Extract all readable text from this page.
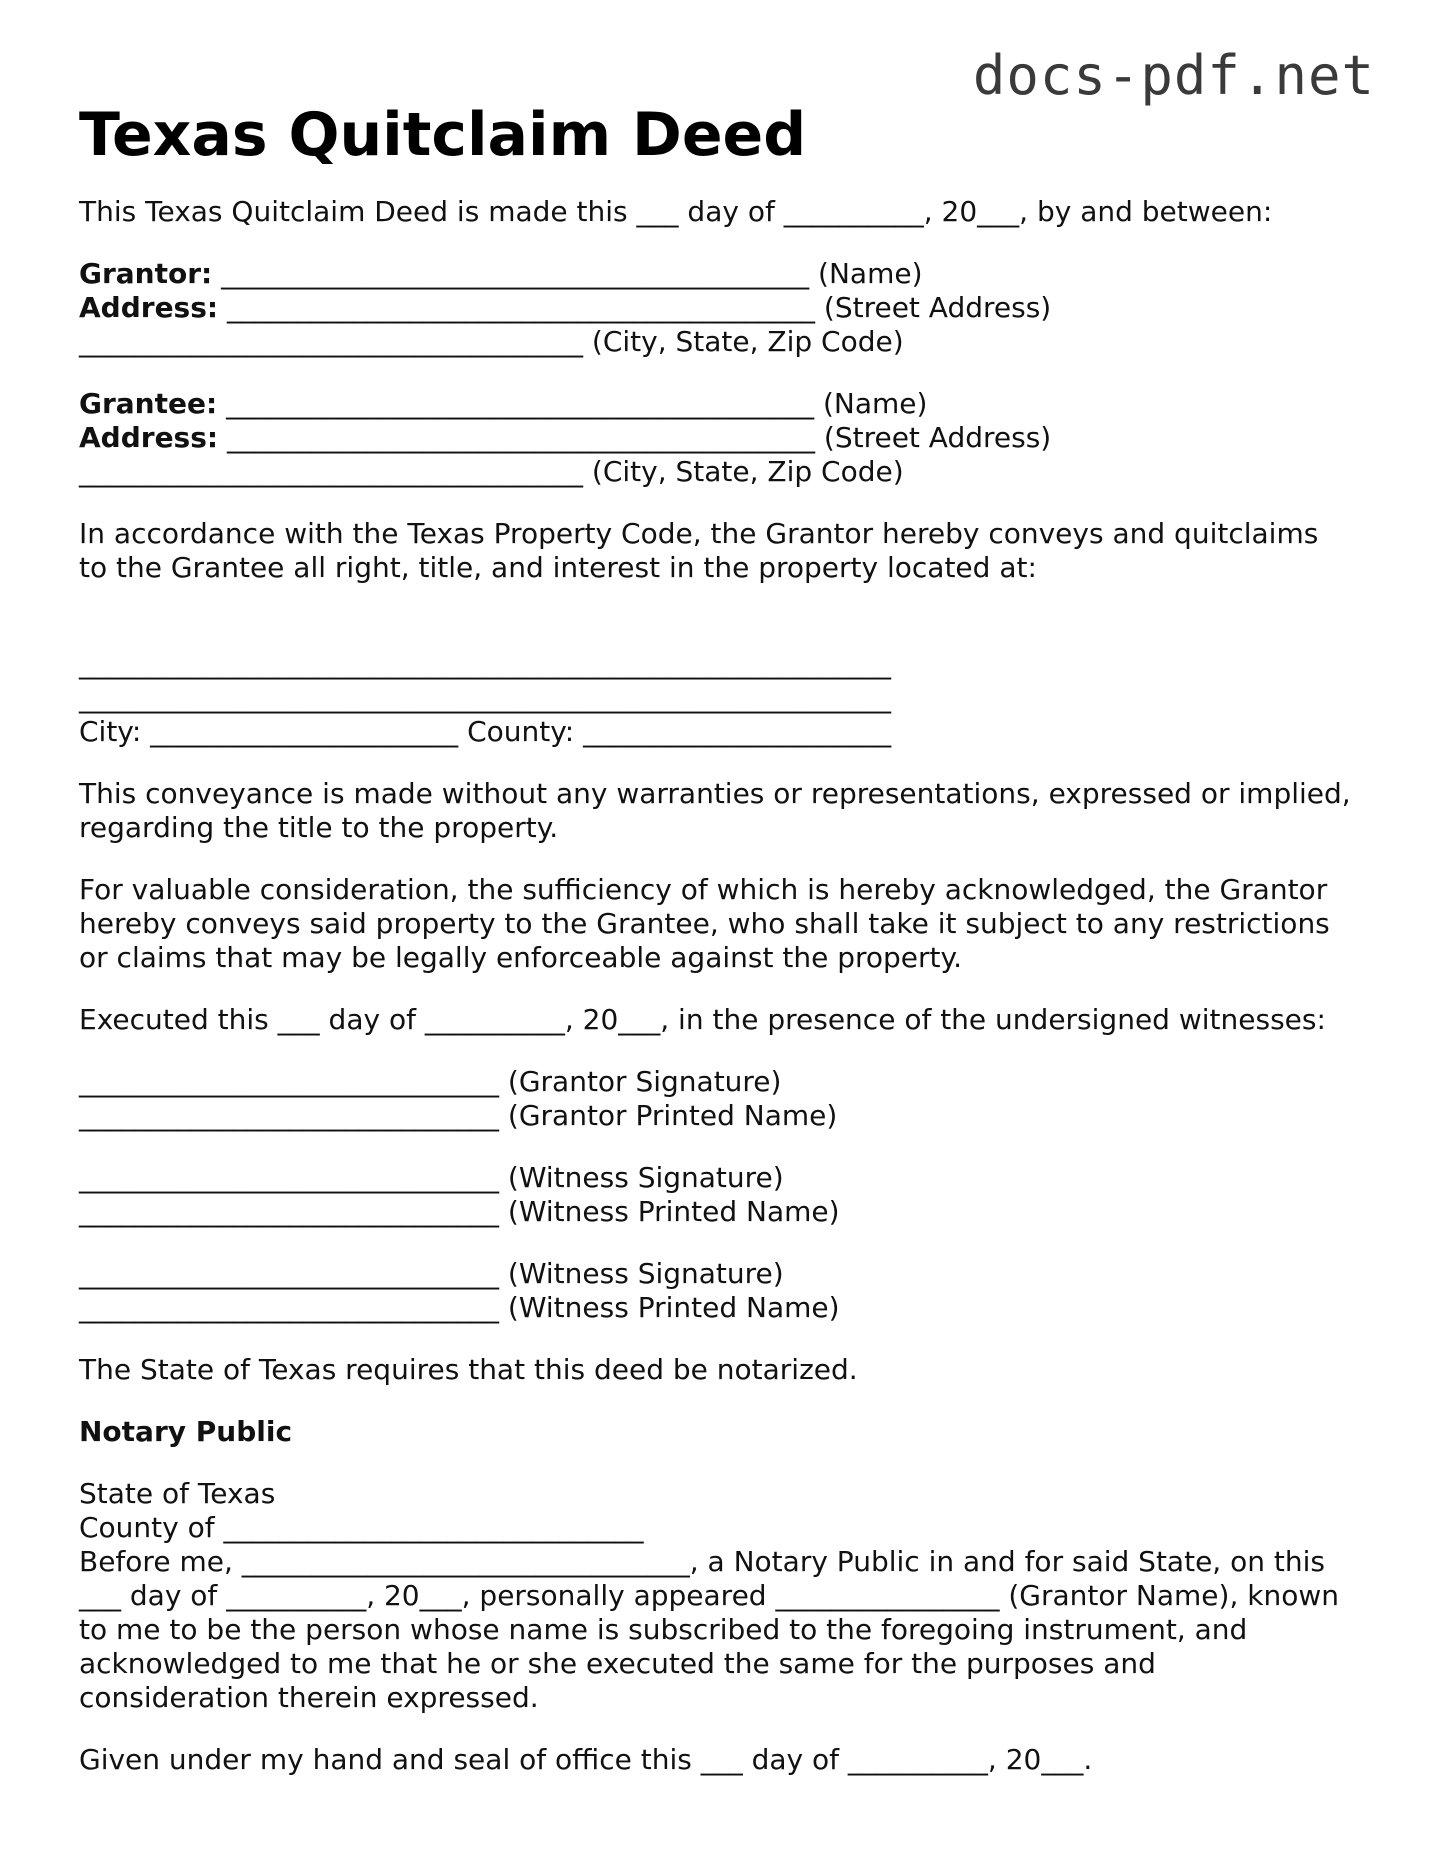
docs-pdf.net
Texas Quitclaim Deed
This Texas Quitclaim Deed is made this ___ day of __________, 20___, by and between:
Grantor: __________________________________________ (Name)
Address: __________________________________________ (Street Address)
____________________________________ (City, State, Zip Code)
Grantee: __________________________________________ (Name)
Address: __________________________________________ (Street Address)
____________________________________ (City, State, Zip Code)
In accordance with the Texas Property Code, the Grantor hereby conveys and quitclaims
to the Grantee all right, title, and interest in the property located at:
__________________________________________________________
__________________________________________________________
City: ______________________ County: ______________________
This conveyance is made without any warranties or representations, expressed or implied,
regarding the title to the property.
For valuable consideration, the sufficiency of which is hereby acknowledged, the Grantor
hereby conveys said property to the Grantee, who shall take it subject to any restrictions
or claims that may be legally enforceable against the property.
Executed this ___ day of __________, 20___, in the presence of the undersigned witnesses:
______________________________ (Grantor Signature)
______________________________ (Grantor Printed Name)
______________________________ (Witness Signature)
______________________________ (Witness Printed Name)
______________________________ (Witness Signature)
______________________________ (Witness Printed Name)
The State of Texas requires that this deed be notarized.
Notary Public
State of Texas
County of ______________________________
Before me, ________________________________, a Notary Public in and for said State, on this
___ day of __________, 20___, personally appeared ________________ (Grantor Name), known
to me to be the person whose name is subscribed to the foregoing instrument, and
acknowledged to me that he or she executed the same for the purposes and
consideration therein expressed.
Given under my hand and seal of office this ___ day of __________, 20___.
